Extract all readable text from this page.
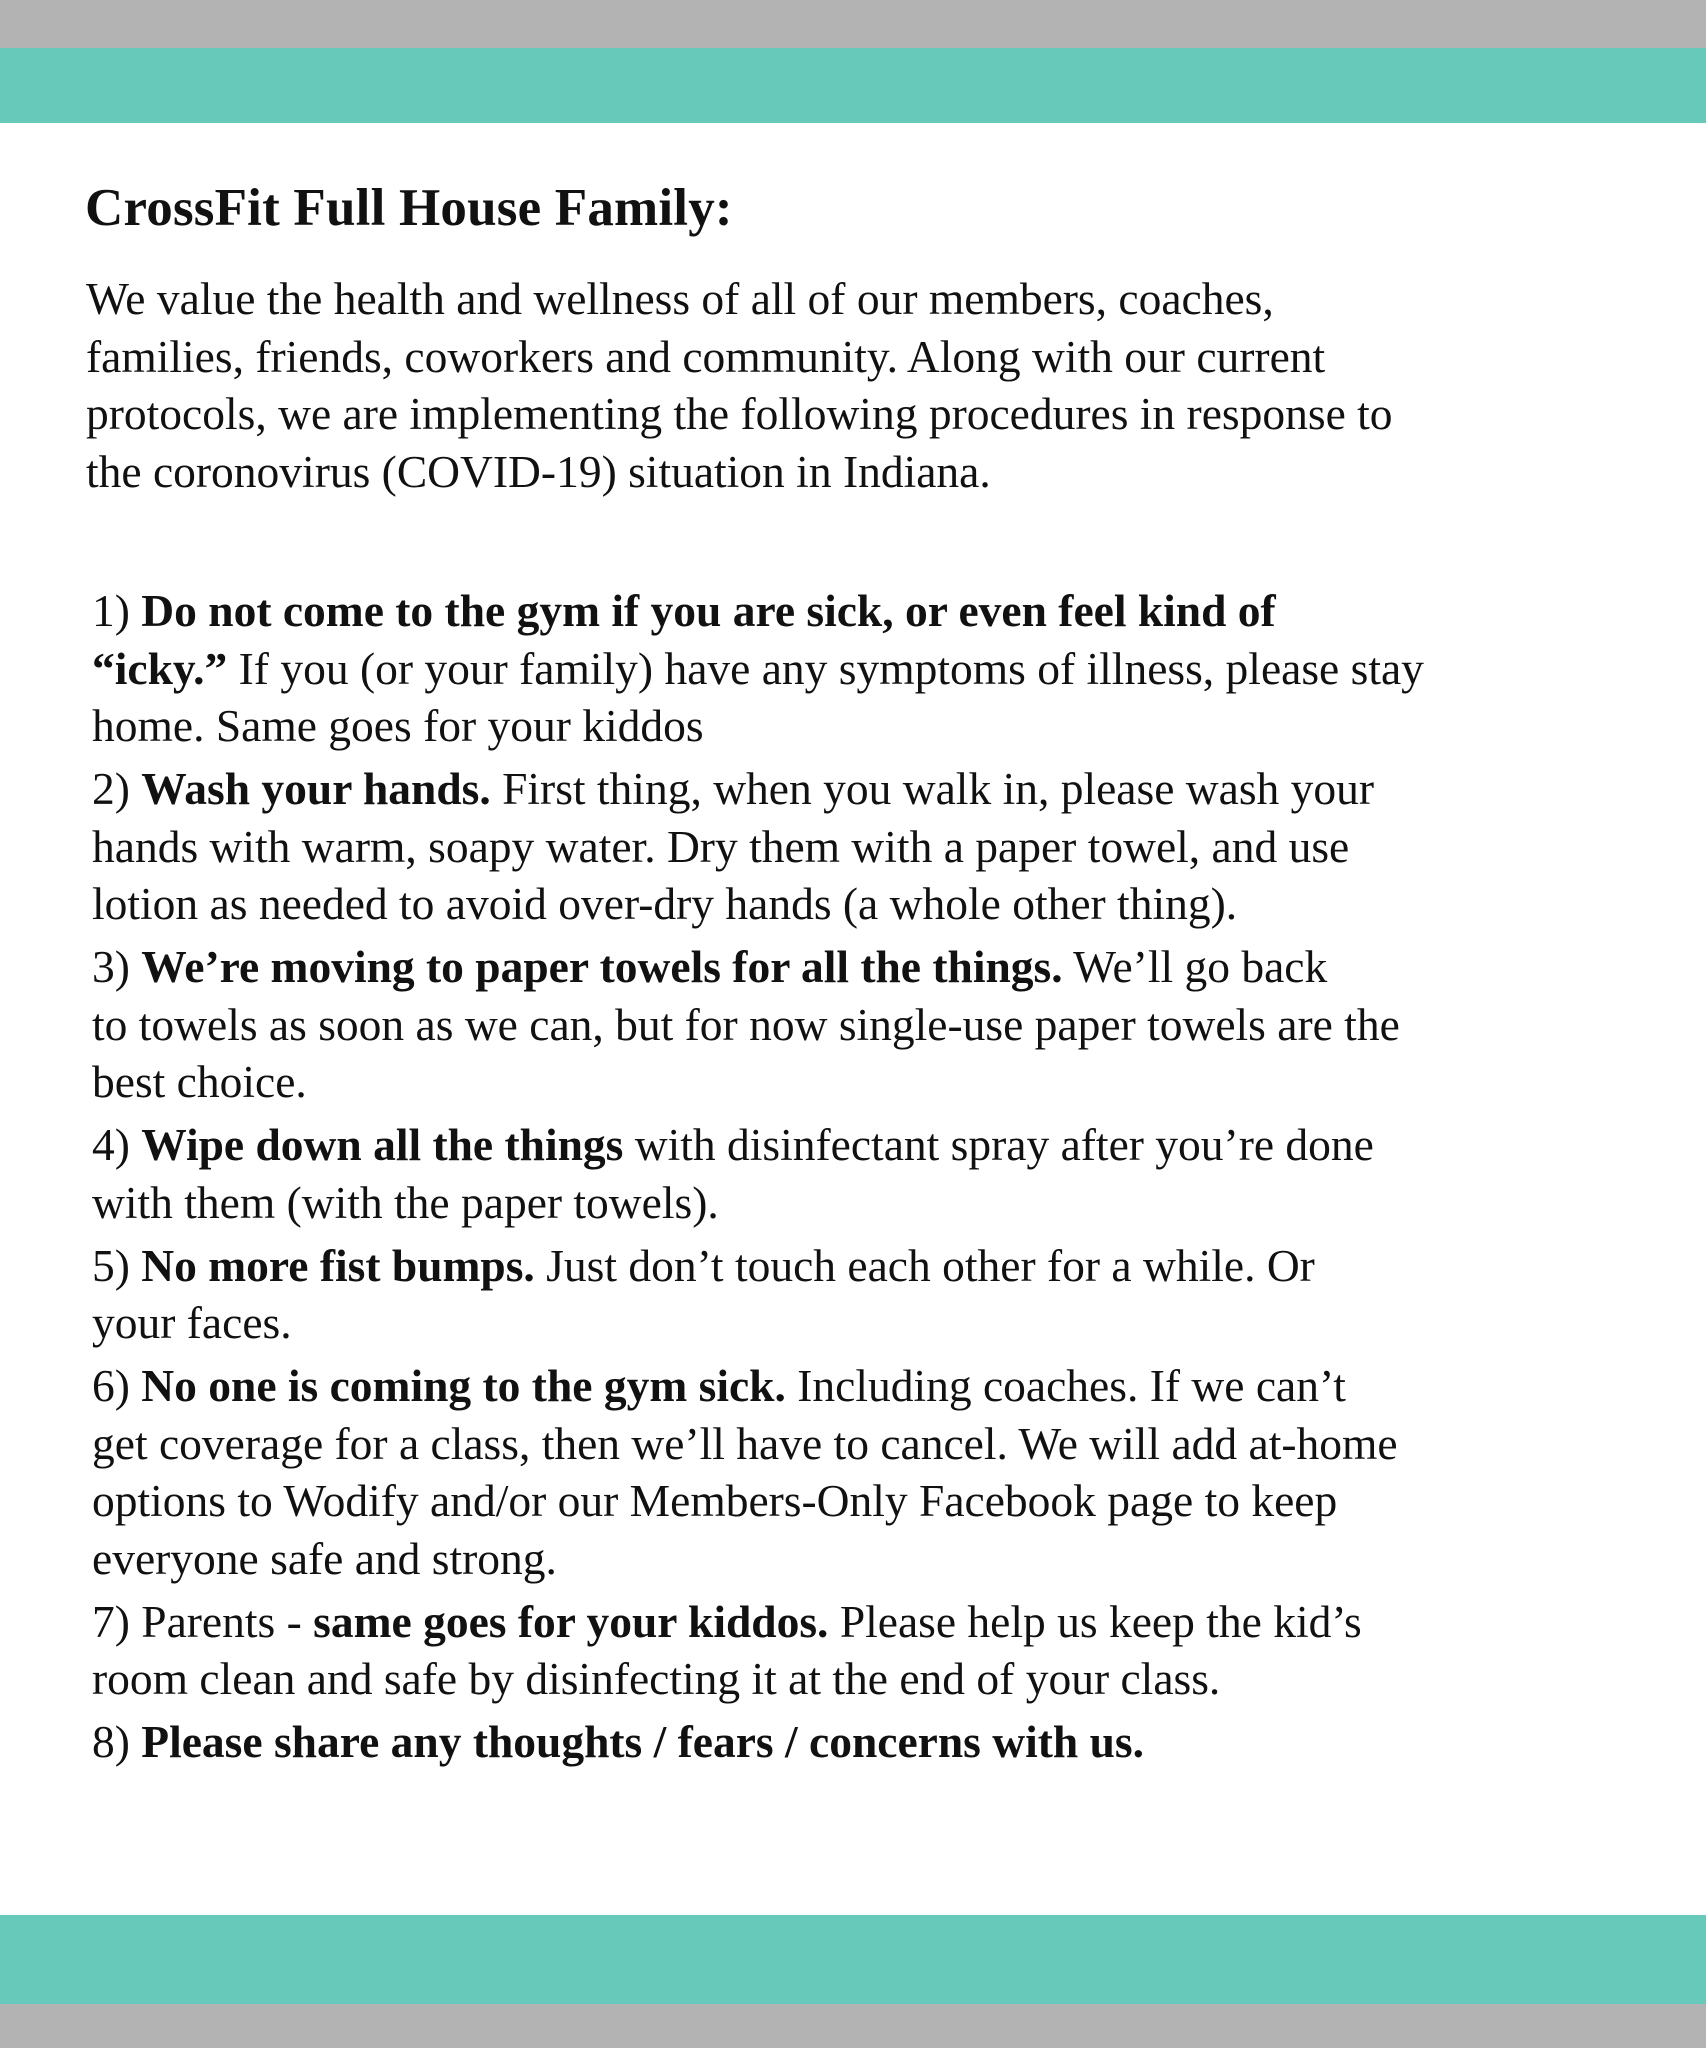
CrossFit Full House Family:

We value the health and wellness of all of our members, coaches,
families, friends, coworkers and community. Along with our current
protocols, we are implementing the following procedures in response to
the coronovirus (COVID-19) situation in Indiana.

1) Do not come to the gym if you are sick, or even feel kind of
“icky.” If you (or your family) have any symptoms of illness, please stay
home. Same goes for your kiddos
2) Wash your hands. First thing, when you walk in, please wash your
hands with warm, soapy water. Dry them with a paper towel, and use
lotion as needed to avoid over-dry hands (a whole other thing).
3) We’re moving to paper towels for all the things. We’ll go back
to towels as soon as we can, but for now single-use paper towels are the
best choice.
4) Wipe down all the things with disinfectant spray after you’re done
with them (with the paper towels).
5) No more fist bumps. Just don’t touch each other for a while. Or
your faces.
6) No one is coming to the gym sick. Including coaches. If we can’t
get coverage for a class, then we’ll have to cancel. We will add at-home
options to Wodify and/or our Members-Only Facebook page to keep
everyone safe and strong.
7) Parents - same goes for your kiddos. Please help us keep the kid’s
room clean and safe by disinfecting it at the end of your class.
8) Please share any thoughts / fears / concerns with us.
